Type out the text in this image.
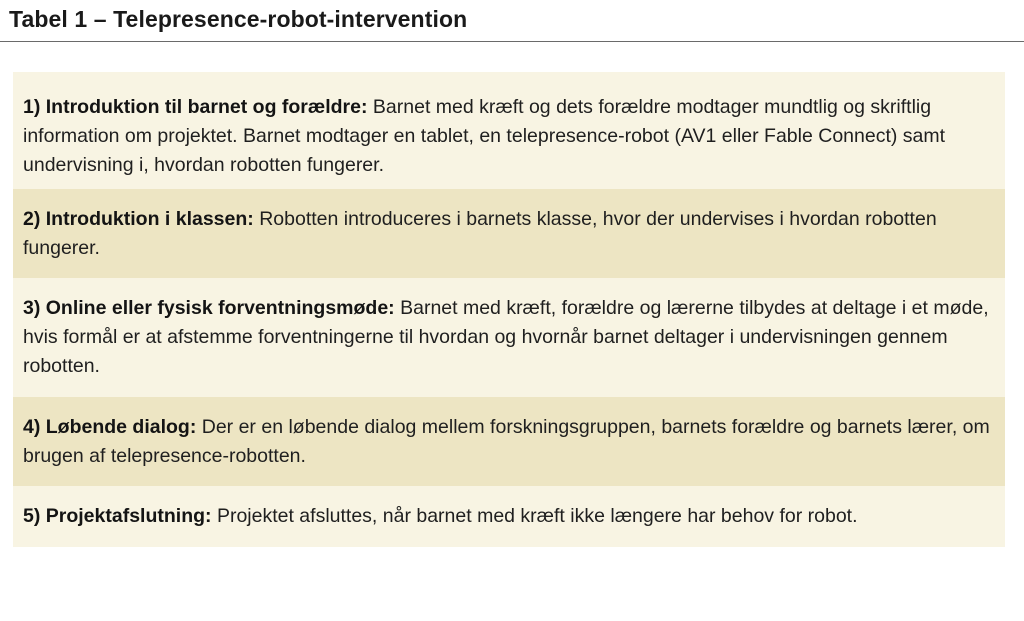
Tabel 1 – Telepresence-robot-intervention
1) Introduktion til barnet og forældre: Barnet med kræft og dets forældre modtager mundtlig og skriftlig information om projektet. Barnet modtager en tablet, en telepresence-robot (AV1 eller Fable Connect) samt undervisning i, hvordan robotten fungerer.
2) Introduktion i klassen: Robotten introduceres i barnets klasse, hvor der undervises i hvordan robotten fungerer.
3) Online eller fysisk forventningsmøde: Barnet med kræft, forældre og lærerne tilbydes at deltage i et møde, hvis formål er at afstemme forventningerne til hvordan og hvornår barnet deltager i undervisningen gennem robotten.
4) Løbende dialog: Der er en løbende dialog mellem forskningsgruppen, barnets forældre og barnets lærer, om brugen af telepresence-robotten.
5) Projektafslutning: Projektet afsluttes, når barnet med kræft ikke længere har behov for robot.
